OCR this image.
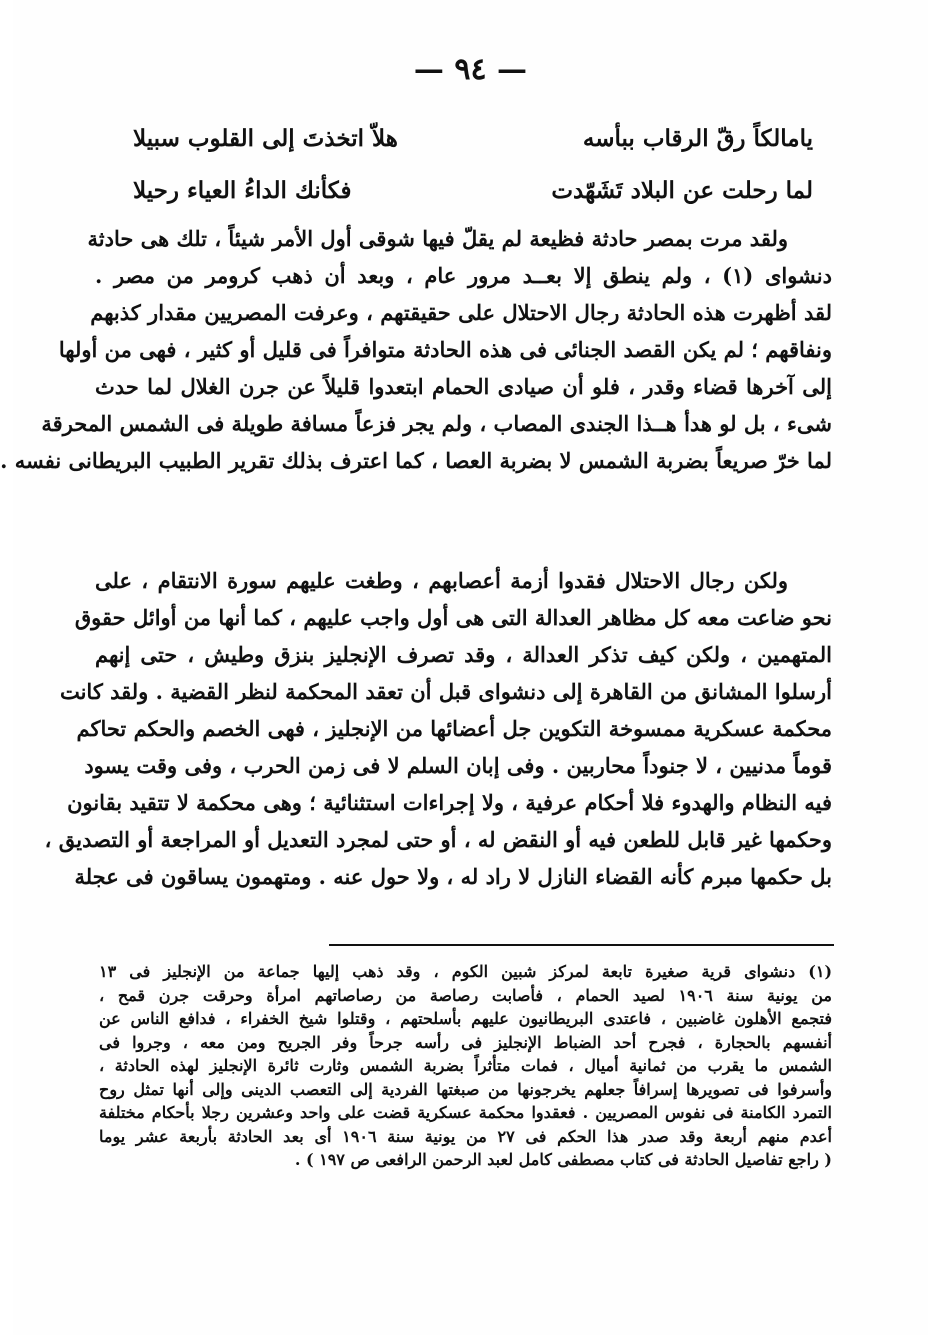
— ٩٤ —
يامالكاً رقّ الرقاب ببأسه
هلاّ اتخذتَ إلى القلوب سبيلا
لما رحلت عن البلاد تَشَهّدت
فكأنك الداءُ العياء رحيلا
ولقد مرت بمصر حادثة فظيعة لم يقلّ فيها شوقى أول الأمر شيئاً ، تلك هى حادثة
دنشواى (١) ، ولم ينطق إلا بعــد مرور عام ، وبعد أن ذهب كرومر من مصر .
لقد أظهرت هذه الحادثة رجال الاحتلال على حقيقتهم ، وعرفت المصريين مقدار كذبهم
ونفاقهم ؛ لم يكن القصد الجنائى فى هذه الحادثة متوافراً فى قليل أو كثير ، فهى من أولها
إلى آخرها قضاء وقدر ، فلو أن صيادى الحمام ابتعدوا قليلاً عن جرن الغلال لما حدث
شىء ، بل لو هدأ هــذا الجندى المصاب ، ولم يجر فزعاً مسافة طويلة فى الشمس المحرقة
لما خرّ صريعاً بضربة الشمس لا بضربة العصا ، كما اعترف بذلك تقرير الطبيب البريطانى نفسه .
ولكن رجال الاحتلال فقدوا أزمة أعصابهم ، وطغت عليهم سورة الانتقام ، على
نحو ضاعت معه كل مظاهر العدالة التى هى أول واجب عليهم ، كما أنها من أوائل حقوق
المتهمين ، ولكن كيف تذكر العدالة ، وقد تصرف الإنجليز بنزق وطيش ، حتى إنهم
أرسلوا المشانق من القاهرة إلى دنشواى قبل أن تعقد المحكمة لنظر القضية . ولقد كانت
محكمة عسكرية ممسوخة التكوين جل أعضائها من الإنجليز ، فهى الخصم والحكم تحاكم
قوماً مدنيين ، لا جنوداً محاربين . وفى إبان السلم لا فى زمن الحرب ، وفى وقت يسود
فيه النظام والهدوء فلا أحكام عرفية ، ولا إجراءات استثنائية ؛ وهى محكمة لا تتقيد بقانون
وحكمها غير قابل للطعن فيه أو النقض له ، أو حتى لمجرد التعديل أو المراجعة أو التصديق ،
بل حكمها مبرم كأنه القضاء النازل لا راد له ، ولا حول عنه . ومتهمون يساقون فى عجلة
(١) دنشواى قرية صغيرة تابعة لمركز شبين الكوم ، وقد ذهب إليها جماعة من الإنجليز فى ١٣
من يونية سنة ١٩٠٦ لصيد الحمام ، فأصابت رصاصة من رصاصاتهم امرأة وحرقت جرن قمح ،
فتجمع الأهلون غاضبين ، فاعتدى البريطانيون عليهم بأسلحتهم ، وقتلوا شيخ الخفراء ، فدافع الناس عن
أنفسهم بالحجارة ، فجرح أحد الضباط الإنجليز فى رأسه جرحاً وفر الجريح ومن معه ، وجروا فى
الشمس ما يقرب من ثمانية أميال ، فمات متأثراً بضربة الشمس وثارت ثائرة الإنجليز لهذه الحادثة ،
وأسرفوا فى تصويرها إسرافاً جعلهم يخرجونها من صبغتها الفردية إلى التعصب الدينى وإلى أنها تمثل روح
التمرد الكامنة فى نفوس المصريين . فعقدوا محكمة عسكرية قضت على واحد وعشرين رجلا بأحكام مختلفة
أعدم منهم أربعة وقد صدر هذا الحكم فى ٢٧ من يونية سنة ١٩٠٦ أى بعد الحادثة بأربعة عشر يوما
( راجع تفاصيل الحادثة فى كتاب مصطفى كامل لعبد الرحمن الرافعى ص ١٩٧ ) .
